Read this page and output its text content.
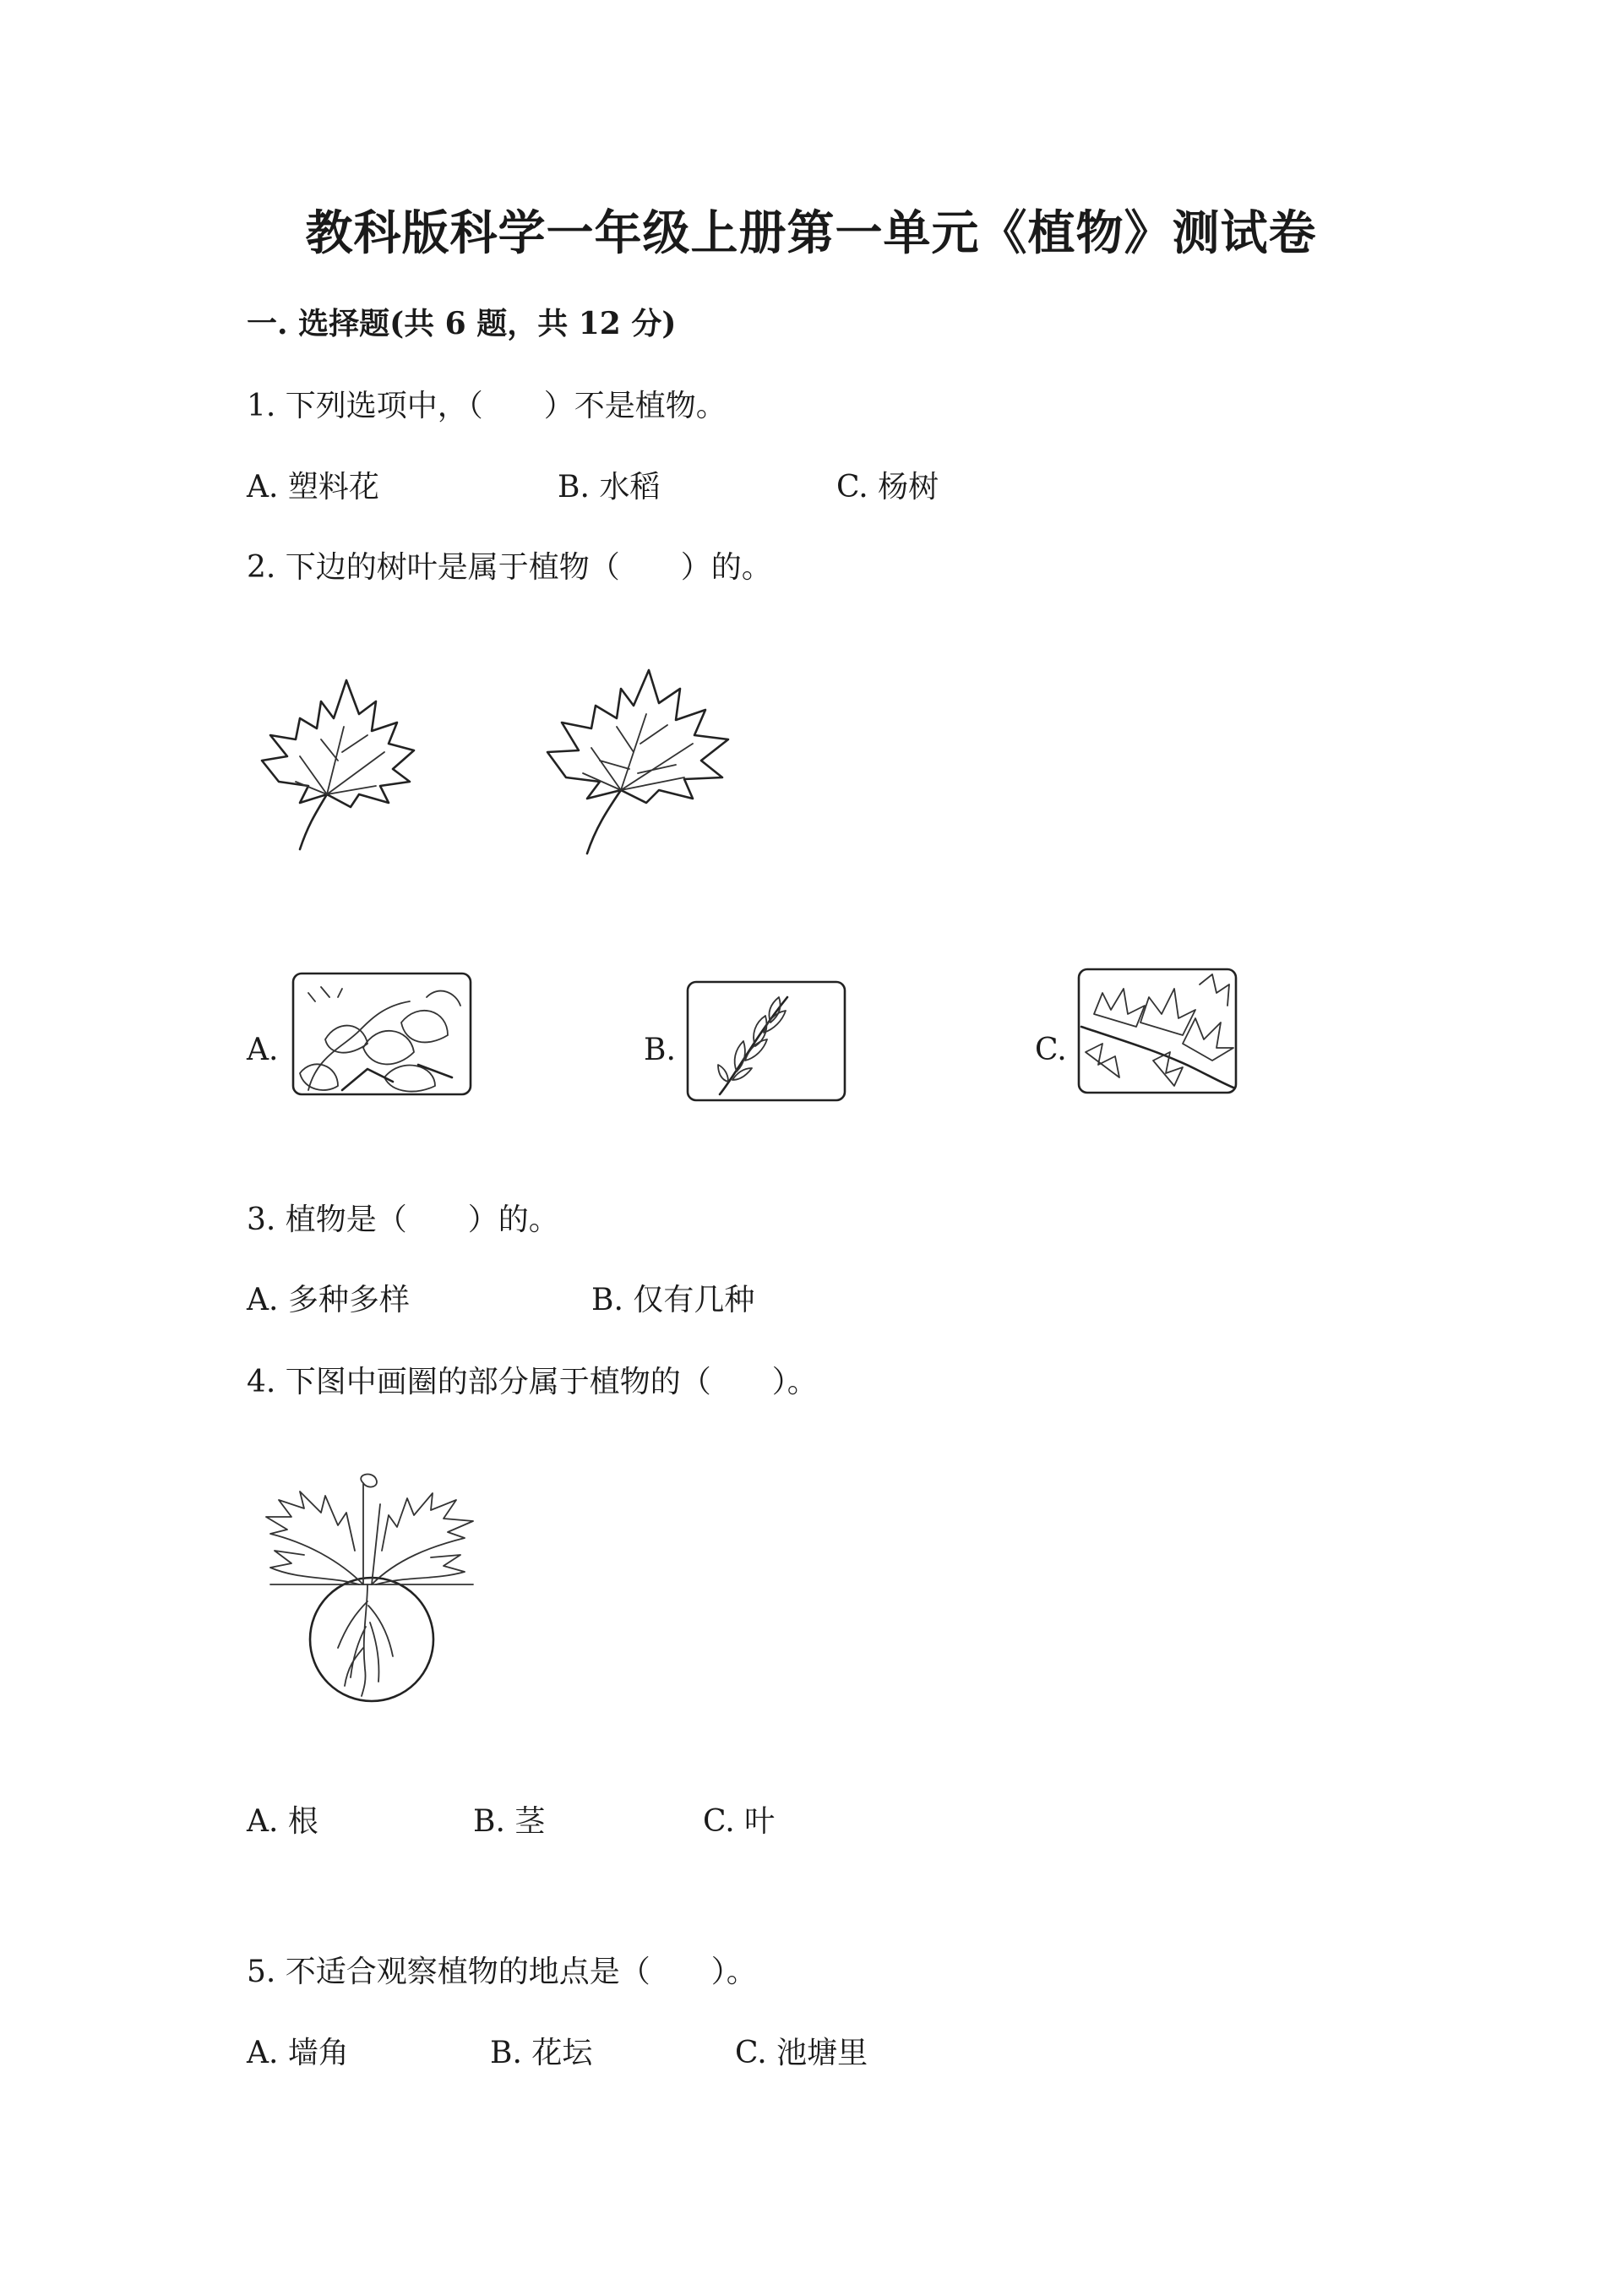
教科版科学一年级上册第一单元《植物》测试卷
一. 选择题(共 6 题，共 12 分)
1. 下列选项中，（　　）不是植物。
A. 塑料花	B. 水稻	C. 杨树
2. 下边的树叶是属于植物（　　）的。
A.	B.	C.
3. 植物是（　　）的。
A. 多种多样	B. 仅有几种
4. 下图中画圈的部分属于植物的（　　）。
A. 根	B. 茎	C. 叶
5. 不适合观察植物的地点是（　　）。
A. 墙角	B. 花坛	C. 池塘里
